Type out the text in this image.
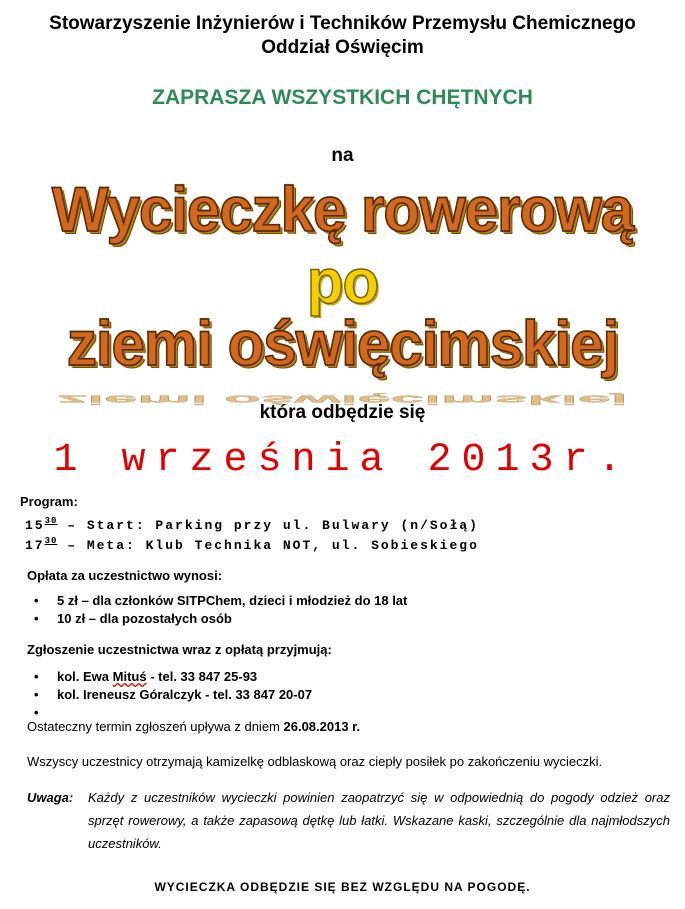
Stowarzyszenie Inżynierów i Techników Przemysłu Chemicznego
Oddział Oświęcim
ZAPRASZA WSZYSTKICH CHĘTNYCH
na
Wycieczkę rowerową
po
ziemi oświęcimskiej
ziemi oświęcimskiej
która odbędzie się
1 września 2013r.
Program:
$15^{30}$ – Start: Parking przy ul. Bulwary (n/Sołą)
$17^{30}$ – Meta: Klub Technika NOT, ul. Sobieskiego
Opłata za uczestnictwo wynosi:
• 5 zł – dla członków SITPChem, dzieci i młodzież do 18 lat
• 10 zł – dla pozostałych osób
Zgłoszenie uczestnictwa wraz z opłatą przyjmują:
• kol. Ewa Mituś - tel. 33 847 25-93
• kol. Ireneusz Góralczyk - tel. 33 847 20-07
Ostateczny termin zgłoszeń upływa z dniem 26.08.2013 r.
Wszyscy uczestnicy otrzymają kamizelkę odblaskową oraz ciepły posiłek po zakończeniu wycieczki.
Uwaga: Każdy z uczestników wycieczki powinien zaopatrzyć się w odpowiednią do pogody odzież oraz sprzęt rowerowy, a także zapasową dętkę lub łatki. Wskazane kaski, szczególnie dla najmłodszych uczestników.
WYCIECZKA ODBĘDZIE SIĘ BEZ WZGLĘDU NA POGODĘ.
